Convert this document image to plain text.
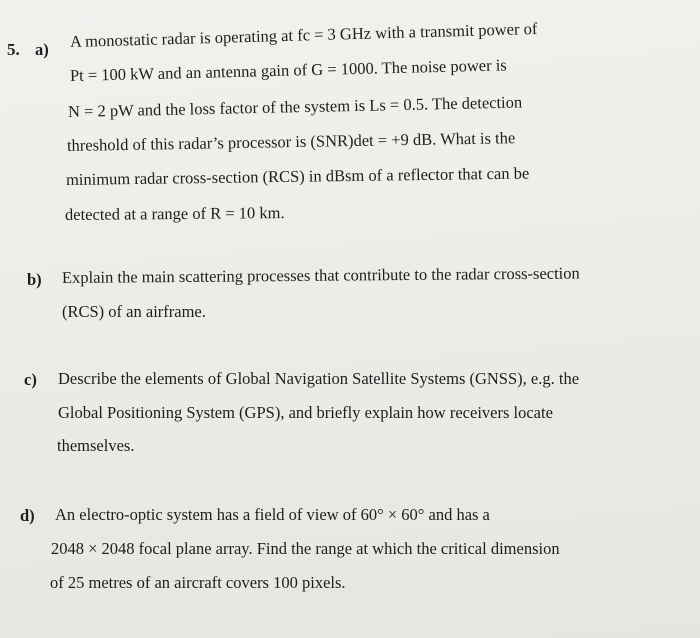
5. a) A monostatic radar is operating at fc = 3 GHz with a transmit power of
Pt = 100 kW and an antenna gain of G = 1000. The noise power is
N = 2 pW and the loss factor of the system is Ls = 0.5. The detection
threshold of this radar’s processor is (SNR)det = +9 dB. What is the
minimum radar cross-section (RCS) in dBsm of a reflector that can be
detected at a range of R = 10 km.
b) Explain the main scattering processes that contribute to the radar cross-section
(RCS) of an airframe.
c) Describe the elements of Global Navigation Satellite Systems (GNSS), e.g. the
Global Positioning System (GPS), and briefly explain how receivers locate
themselves.
d) An electro-optic system has a field of view of 60° × 60° and has a
2048 × 2048 focal plane array. Find the range at which the critical dimension
of 25 metres of an aircraft covers 100 pixels.
